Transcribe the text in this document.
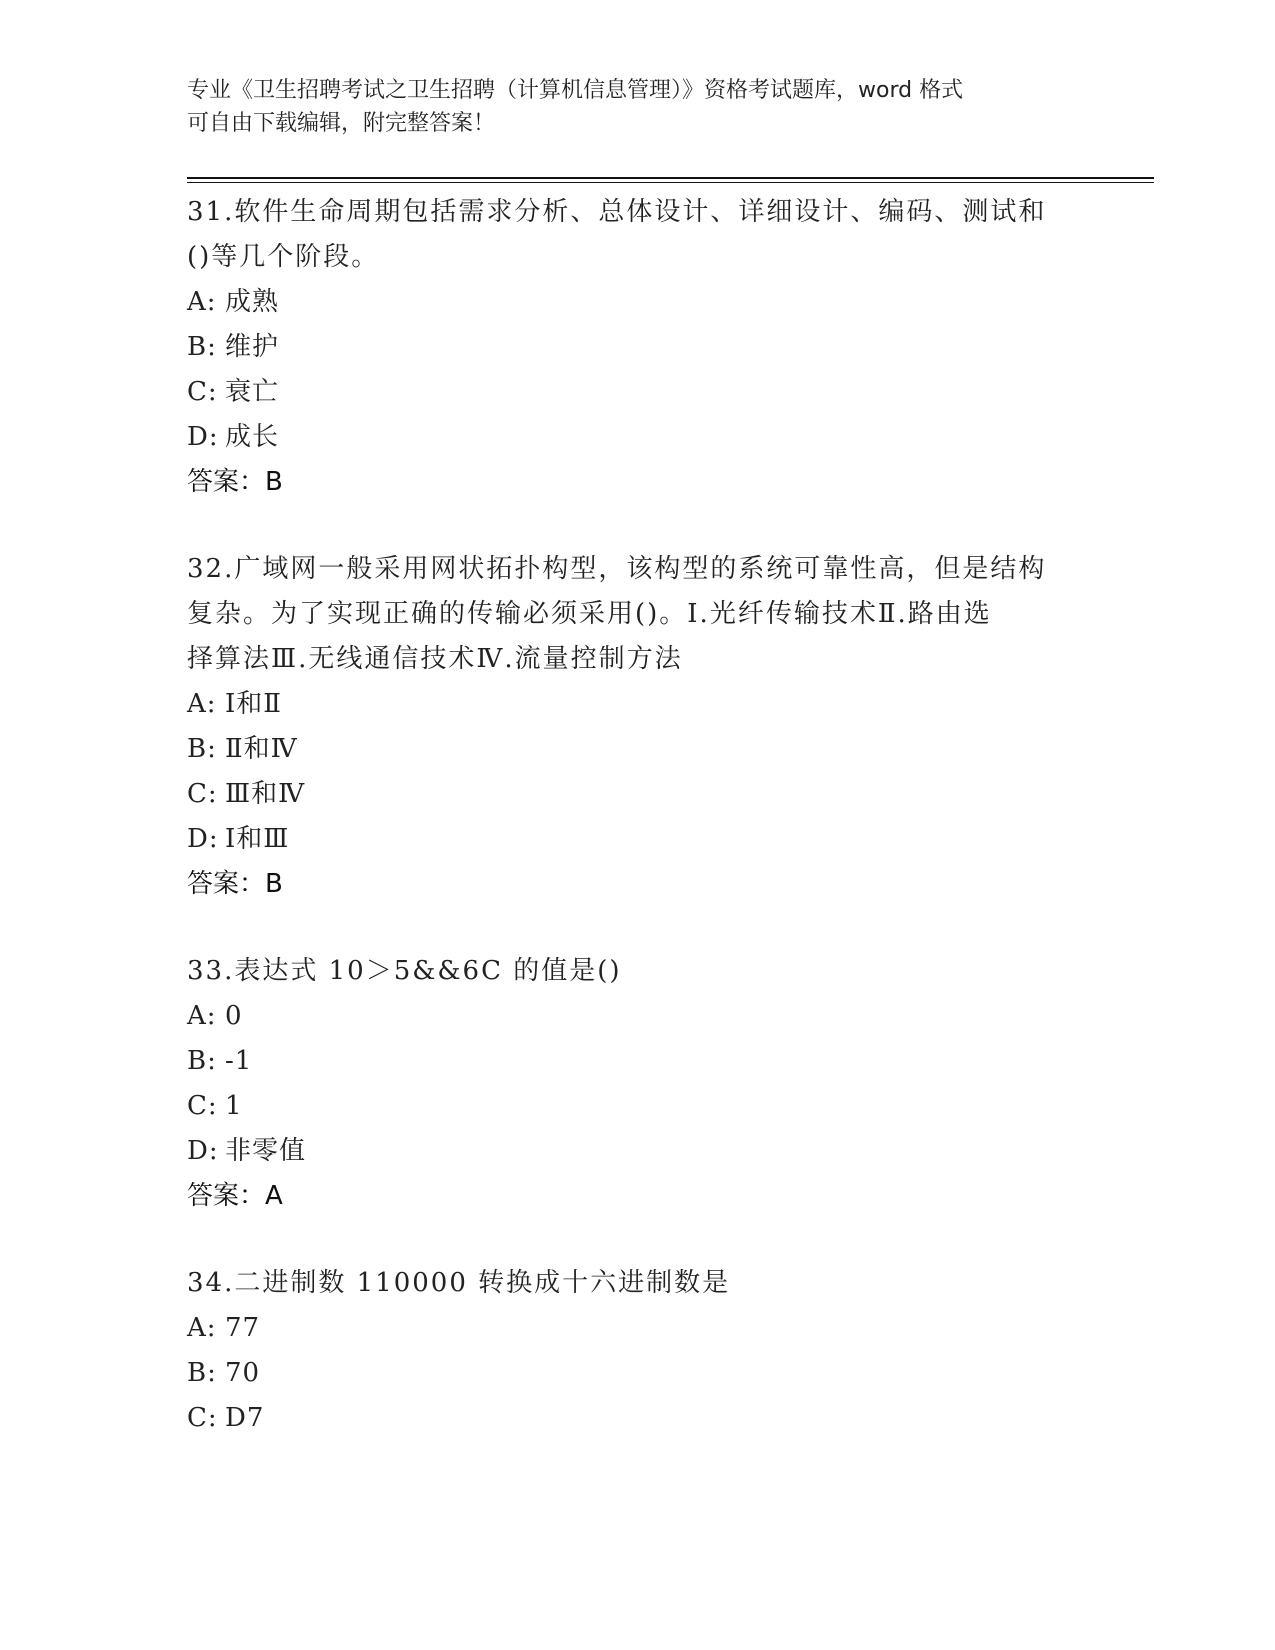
专业《卫生招聘考试之卫生招聘（计算机信息管理）》资格考试题库，word 格式
可自由下载编辑，附完整答案！
31.软件生命周期包括需求分析、总体设计、详细设计、编码、测试和
()等几个阶段。
A: 成熟
B: 维护
C: 衰亡
D: 成长
答案：B
32.广域网一般采用网状拓扑构型，该构型的系统可靠性高，但是结构
复杂。为了实现正确的传输必须采用()。Ⅰ.光纤传输技术Ⅱ.路由选
择算法Ⅲ.无线通信技术Ⅳ.流量控制方法
A: Ⅰ和Ⅱ
B: Ⅱ和Ⅳ
C: Ⅲ和Ⅳ
D: Ⅰ和Ⅲ
答案：B
33.表达式 10＞5&&6C 的值是()
A: 0
B: -1
C: 1
D: 非零值
答案：A
34.二进制数 110000 转换成十六进制数是
A: 77
B: 70
C: D7
